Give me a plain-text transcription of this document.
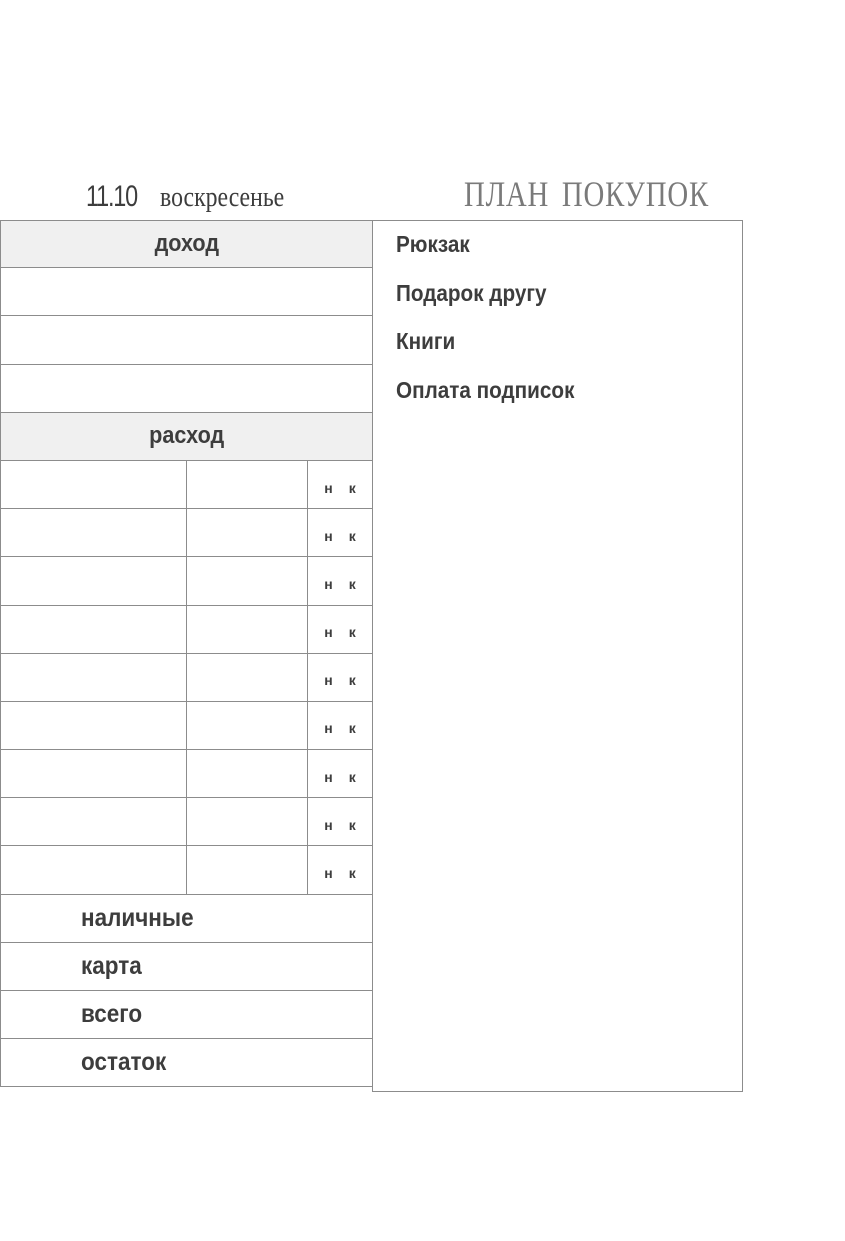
11.10 воскресенье	ПЛАН ПОКУПОК
доход
расход
н к
н к
н к
н к
н к
н к
н к
н к
н к
наличные
карта
всего
остаток
Рюкзак
Подарок другу
Книги
Оплата подписок
